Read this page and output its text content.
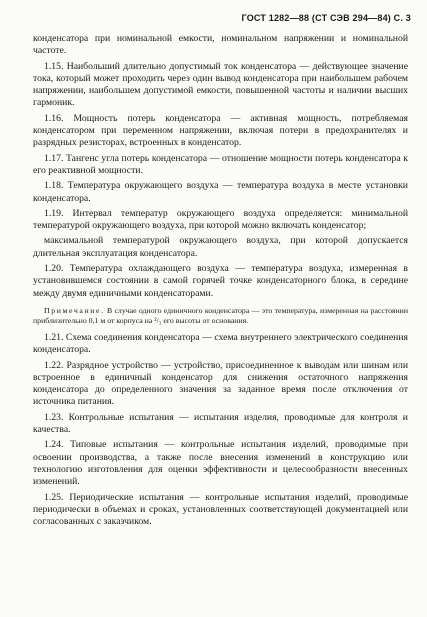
ГОСТ 1282—88 (СТ СЭВ 294—84) С. 3

конденсатора при номинальной емкости, номинальном напряжении и номинальной частоте.

1.15. Наибольший длительно допустимый ток конденсатора — действующее значение тока, который может проходить через один вывод конденсатора при наибольшем рабочем напряжении, наибольшем допустимой емкости, повышенной частоты и наличии высших гармоник.

1.16. Мощность потерь конденсатора — активная мощность, потребляемая конденсатором при переменном напряжении, включая потери в предохранителях и разрядных резисторах, встроенных в конденсатор.

1.17. Тангенс угла потерь конденсатора — отношение мощности потерь конденсатора к его реактивной мощности.

1.18. Температура окружающего воздуха — температура воздуха в месте установки конденсатора.

1.19. Интервал температур окружающего воздуха определяется: минимальной температурой окружающего воздуха, при которой можно включать конденсатор;

максимальной температурой окружающего воздуха, при которой допускается длительная эксплуатация конденсатора.

1.20. Температура охлаждающего воздуха — температура воздуха, измеренная в установившемся состоянии в самой горячей точке конденсаторного блока, в середине между двумя единичными конденсаторами.

Примечание. В случае одного единичного конденсатора — это температура, измеренная на расстоянии приблизительно 0,1 м от корпуса на ²/₃ его высоты от основания.

1.21. Схема соединения конденсатора — схема внутреннего электрического соединения конденсатора.

1.22. Разрядное устройство — устройство, присоединенное к выводам или шинам или встроенное в единичный конденсатор для снижения остаточного напряжения конденсатора до определенного значения за заданное время после отключения от источника питания.

1.23. Контрольные испытания — испытания изделия, проводимые для контроля и качества.

1.24. Типовые испытания — контрольные испытания изделий, проводимые при освоении производства, а также после внесения изменений в конструкцию или технологию изготовления для оценки эффективности и целесообразности внесенных изменений.

1.25. Периодические испытания — контрольные испытания изделий, проводимые периодически в объемах и сроках, установленных соответствующей документацией или согласованных с заказчиком.
